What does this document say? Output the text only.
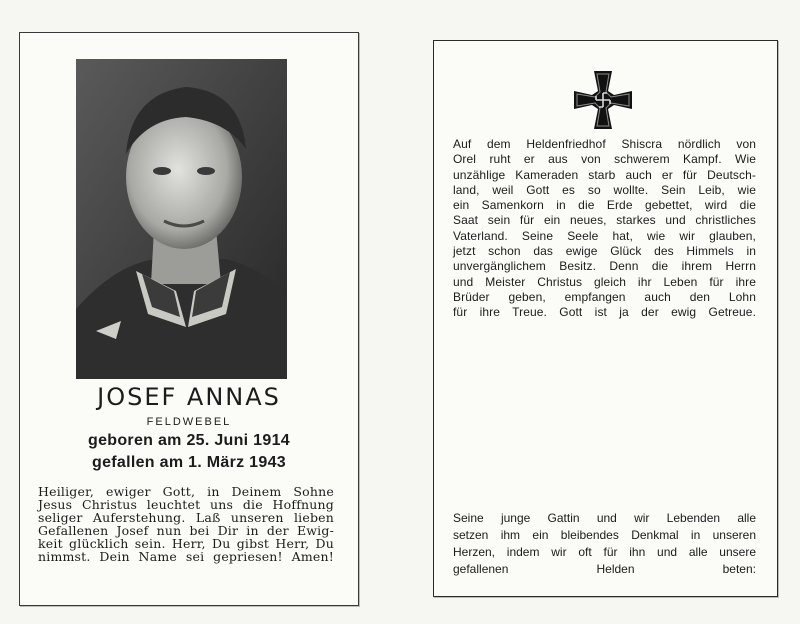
JOSEF ANNAS
FELDWEBEL
geboren am 25. Juni 1914
gefallen am 1. März 1943
Heiliger, ewiger Gott, in Deinem Sohne
Jesus Christus leuchtet uns die Hoffnung
seliger Auferstehung. Laß unseren lieben
Gefallenen Josef nun bei Dir in der Ewig-
keit glücklich sein. Herr, Du gibst Herr, Du
nimmst. Dein Name sei gepriesen! Amen!
Auf dem Heldenfriedhof Shiscra nördlich von
Orel ruht er aus von schwerem Kampf. Wie
unzählige Kameraden starb auch er für Deutsch-
land, weil Gott es so wollte. Sein Leib, wie
ein Samenkorn in die Erde gebettet, wird die
Saat sein für ein neues, starkes und christliches
Vaterland. Seine Seele hat, wie wir glauben,
jetzt schon das ewige Glück des Himmels in
unvergänglichem Besitz. Denn die ihrem Herrn
und Meister Christus gleich ihr Leben für ihre
Brüder geben, empfangen auch den Lohn
für ihre Treue. Gott ist ja der ewig Getreue.
Seine junge Gattin und wir Lebenden alle
setzen ihm ein bleibendes Denkmal in unseren
Herzen, indem wir oft für ihn und alle unsere
gefallenen Helden beten:
